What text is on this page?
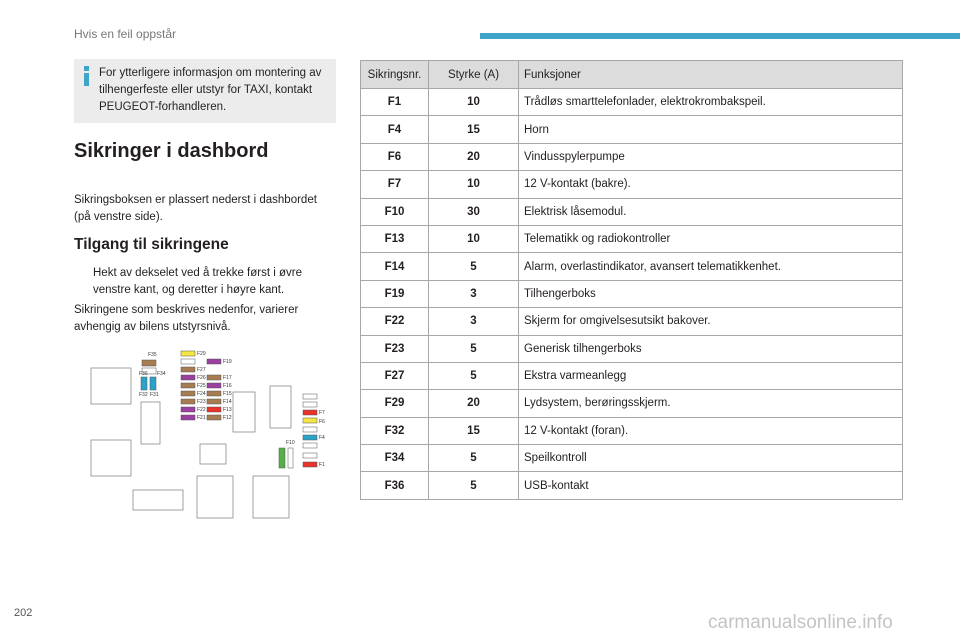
Hvis en feil oppstår
For ytterligere informasjon om montering av tilhengerfeste eller utstyr for TAXI, kontakt PEUGEOT-forhandleren.
Sikringer i dashbord
Sikringsboksen er plassert nederst i dashbordet (på venstre side).
Tilgang til sikringene
Hekt av dekselet ved å trekke først i øvre venstre kant, og deretter i høyre kant.
Sikringene som beskrives nedenfor, varierer avhengig av bilens utstyrsnivå.
F35	F29
F19
F36 F34
F27
F26	F17
F25	F16
F32 F31	F24	F15
F23	F14
F22	F13
F21	F12
F7
F6
F4
F10
F1
Sikringsnr.	Styrke (A)	Funksjoner
F1	10	Trådløs smarttelefonlader, elektrokrombakspeil.
F4	15	Horn
F6	20	Vindusspylerpumpe
F7	10	12 V-kontakt (bakre).
F10	30	Elektrisk låsemodul.
F13	10	Telematikk og radiokontroller
F14	5	Alarm, overlastindikator, avansert telematikkenhet.
F19	3	Tilhengerboks
F22	3	Skjerm for omgivelsesutsikt bakover.
F23	5	Generisk tilhengerboks
F27	5	Ekstra varmeanlegg
F29	20	Lydsystem, berøringsskjerm.
F32	15	12 V-kontakt (foran).
F34	5	Speilkontroll
F36	5	USB-kontakt
202	carmanualsonline.info
